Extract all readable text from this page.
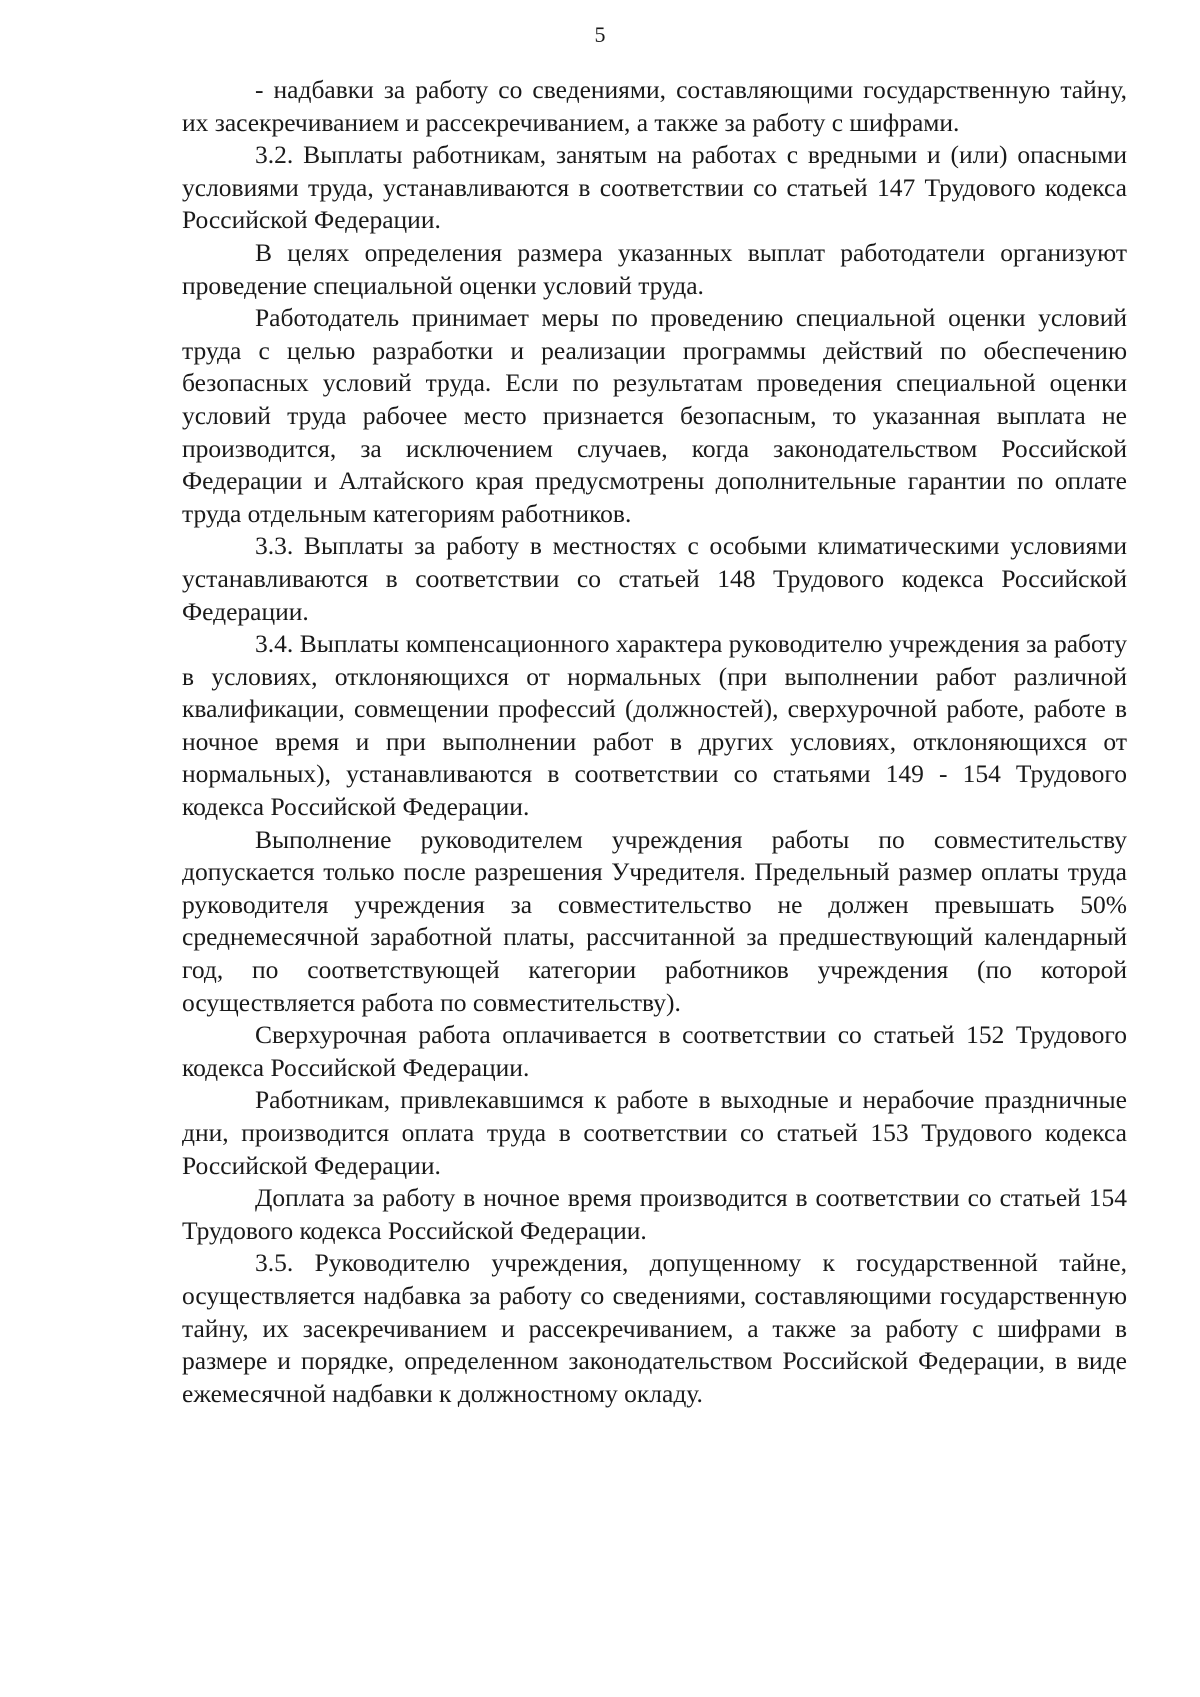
5

- надбавки за работу со сведениями, составляющими государственную тайну, их засекречиванием и рассекречиванием, а также за работу с шифрами.

3.2. Выплаты работникам, занятым на работах с вредными и (или) опасными условиями труда, устанавливаются в соответствии со статьей 147 Трудового кодекса Российской Федерации.

В целях определения размера указанных выплат работодатели организуют проведение специальной оценки условий труда.

Работодатель принимает меры по проведению специальной оценки условий труда с целью разработки и реализации программы действий по обеспечению безопасных условий труда. Если по результатам проведения специальной оценки условий труда рабочее место признается безопасным, то указанная выплата не производится, за исключением случаев, когда законодательством Российской Федерации и Алтайского края предусмотрены дополнительные гарантии по оплате труда отдельным категориям работников.

3.3. Выплаты за работу в местностях с особыми климатическими условиями устанавливаются в соответствии со статьей 148 Трудового кодекса Российской Федерации.

3.4. Выплаты компенсационного характера руководителю учреждения за работу в условиях, отклоняющихся от нормальных (при выполнении работ различной квалификации, совмещении профессий (должностей), сверхурочной работе, работе в ночное время и при выполнении работ в других условиях, отклоняющихся от нормальных), устанавливаются в соответствии со статьями 149 - 154 Трудового кодекса Российской Федерации.

Выполнение руководителем учреждения работы по совместительству допускается только после разрешения Учредителя. Предельный размер оплаты труда руководителя учреждения за совместительство не должен превышать 50% среднемесячной заработной платы, рассчитанной за предшествующий календарный год, по соответствующей категории работников учреждения (по которой осуществляется работа по совместительству).

Сверхурочная работа оплачивается в соответствии со статьей 152 Трудового кодекса Российской Федерации.

Работникам, привлекавшимся к работе в выходные и нерабочие праздничные дни, производится оплата труда в соответствии со статьей 153 Трудового кодекса Российской Федерации.

Доплата за работу в ночное время производится в соответствии со статьей 154 Трудового кодекса Российской Федерации.

3.5. Руководителю учреждения, допущенному к государственной тайне, осуществляется надбавка за работу со сведениями, составляющими государственную тайну, их засекречиванием и рассекречиванием, а также за работу с шифрами в размере и порядке, определенном законодательством Российской Федерации, в виде ежемесячной надбавки к должностному окладу.
